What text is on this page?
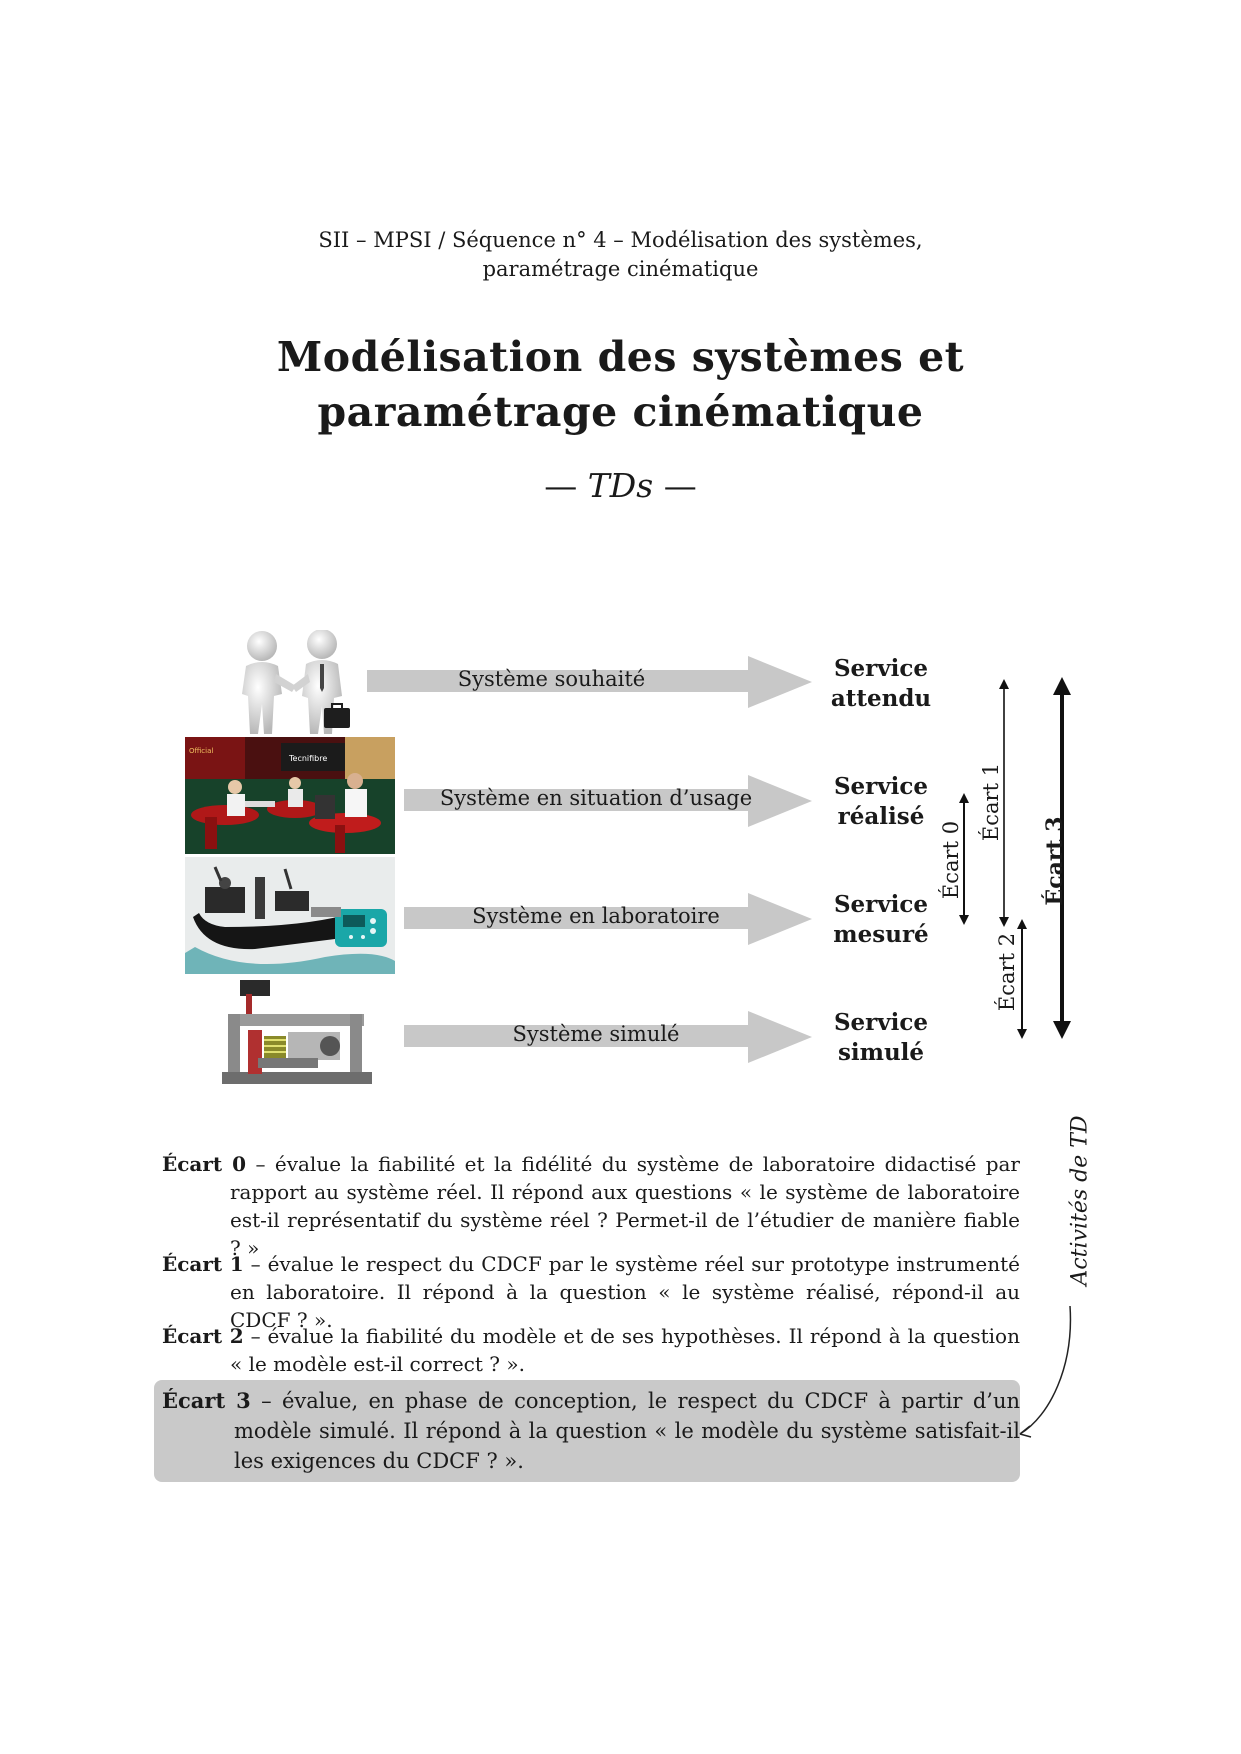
SII – MPSI / Séquence n° 4 – Modélisation des systèmes,
paramétrage cinématique
Modélisation des systèmes et
paramétrage cinématique
— TDs —
Official
Tecnifibre
Système souhaité
Système en situation d’usage
Système en laboratoire
Système simulé
Service
attendu
Service
réalisé
Service
mesuré
Service
simulé
Écart 0
Écart 1
Écart 2
Écart 3

Écart 0 – évalue la fiabilité et la fidélité du système de laboratoire didactisé par rapport au système réel. Il répond aux questions « le système de laboratoire est-il représentatif du système réel ? Permet-il de l’étudier de manière fiable ? »

Écart 1 – évalue le respect du CDCF par le système réel sur prototype instrumenté en laboratoire. Il répond à la question « le système réalisé, répond-il au CDCF ? ».

Écart 2 – évalue la fiabilité du modèle et de ses hypothèses. Il répond à la question « le modèle est-il correct ? ».

Écart 3 – évalue, en phase de conception, le respect du CDCF à partir d’un modèle simulé. Il répond à la question « le modèle du système satisfait-il les exigences du CDCF ? ».

Activités de TD
